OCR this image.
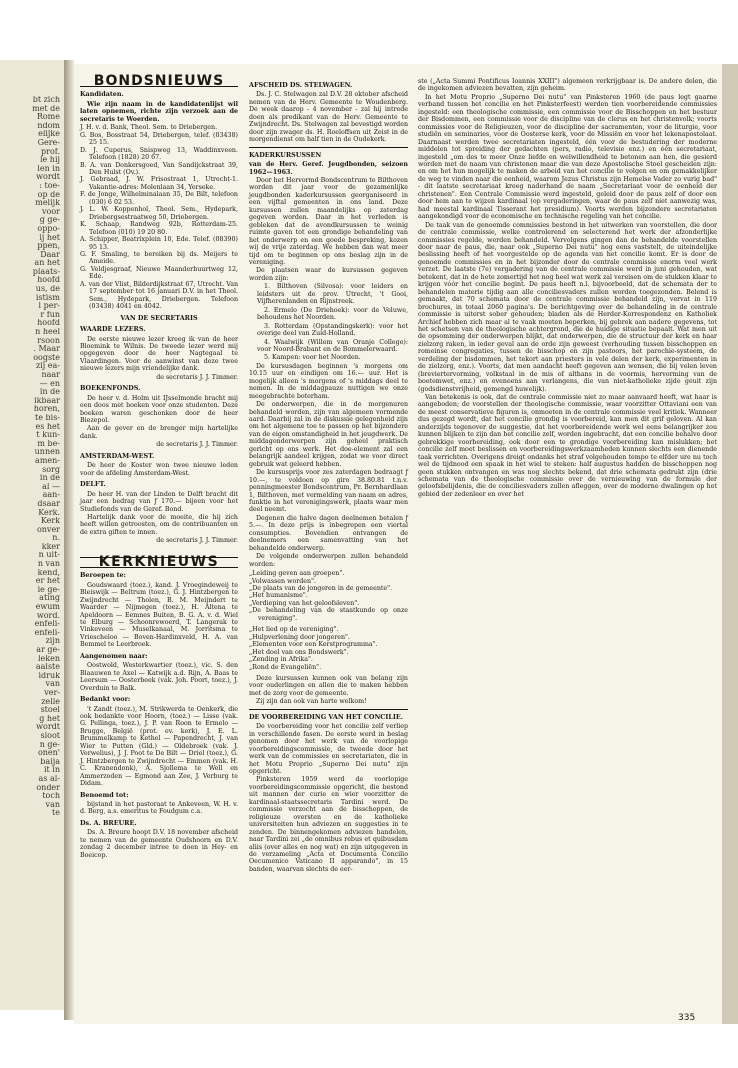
bt zich
met de
Rome
ndom
elijke
Gere-
prof.
le hij
len in
wordt
: toe-
op de
melijk
voor
g ge-
oppo-
ij het
ppen,
Daar
an het
plaats-
hoofd
us, de
istism
l per-
r fun
hoofd
n heel
rsoon
. Maar
oogste
zij ea-
naar
— en
in de
ikbaar
horen,
te bis-
es het
t kun-
m be-
unnen
amen-
sorg
in de
al —
aan-
dsaar
Kerk.
Kerk
onver
n.
kker
n uit-
n van
kend,
er het
ie ge-
ating
ewum
word.
enfeli-
enfeli-
zijn
ar ge-
leken
aalste
idruk
van
ver-
zelle
stoel
g het
wordt
sloot
n ge-
onen'
baija
it in
as al-
onder
toch
van
te
BONDSNIEUWS
Kandidaten.

Wie zijn naam in de kandidatenlijst wil laten opnemen, richte zijn verzoek aan de secretaris te Woerden.

J. H. v. d. Bank, Theol. Sem. te Driebergen.

G. Bos, Bosstraat 54, Driebergen, telef. (03438) 25 15.

D. J. Cuperus, Snispweg 13, Waddinxveen. Telefoon (1828) 20 67.

B. A. van Donkersgoed, Van Sandijckstraat 39, Den Hulst (Ov.).

J. Gebraad, J. W. Frisostraat 1, Utrecht-1. Vakantie-adres: Molenlaan 34, Yerseke.

F. de Jonge, Wilhelminalaan 35, De Bilt, telefoon (030) 6 02 53.

J. L. W. Koppenhol, Theol. Sem., Hydepark, Driebergsestraatweg 50, Driebergen.

K. Schaap, Randweg 92b, Rotterdam-25. Telefoon (010) 19 20 80.

A. Schipper, Beatrixplein 10, Ede. Telef. (08390) 95 13.

G. F. Smaling, te bereiken bij ds. Meijers te Ameide.

G. Veldjesgraaf, Nieuwe Maanderbuurtweg 12, Ede.

A. van der Vlist, Bilderdijkstraat 67, Utrecht. Van 17 september tot 16 januari D.V. in het Theol. Sem., Hydepark, Driebergen. Telefoon (03438) 4041 en 4042.

VAN DE SECRETARIS
WAARDE LEZERS.

De eerste nieuwe lezer kreeg ik van de heer Bloemink te Wilnis. De tweede lezer werd mij opgegeven door de heer Nagtegaal te Vlaardingen. Voor de aanwinst van deze twee nieuwe lezers mijn vriendelijke dank.

de secretaris J. J. Timmer.

BOEKENFONDS.

De heer v. d. Holm uit IJsselmonde bracht mij een doos met boeken voor onze studenten. Deze boeken waren geschonken door de heer Biezepol.

Aan de gever en de brenger mijn hartelijke dank.

de secretaris J. J. Timmer.

AMSTERDAM-WEST.

De heer de Koster won twee nieuwe leden voor de afdeling Amsterdam-West.

DELFT.

De heer H. van der Linden te Delft bracht dit jaar een bedrag van ƒ 170.— bijeen voor het Studiefonds van de Geref. Bond.

Hartelijk dank voor de moeite, die hij zich heeft willen getroosten, om de contribuanten en de extra giften te innen.

de secretaris J. J. Timmer.

KERKNIEUWS
Beroepen te:

Goudswaard (toez.), kand. J. Vroegindeweij te Bleiswijk — Beltrum (toez.), G. J. Hintzbergen te Zwijndrecht — Tholen, B. M. Meijndert te Waarder — Nijmegen (toez.), H. Altena te Apeldoorn — Eemnes Buiten, B. G. A. v. d. Wiel te Elburg — Schoonrewoerd, T. Langerak te Vinkeveen — Muselkanaal, M. Jorritsma te Vriescheloo — Boven-Hardinxveld, H. A. van Bemmel te Leerbroek.

Aangenomen naar:

Oostwold, Westerkwartier (toez.), vic. S. den Blaauwen te Axel — Katwijk a.d. Rijn, A. Baas te Leersum — Oosterbeek (vak. Joh. Poort, toez.), J. Overduin te Balk.

Bedankt voor:

't Zandt (toez.), M. Strikwerda te Oenkerk, die ook bedankte voor Hoorn, (toez.) — Lisse (vak. G. Pellinga, toez.), J. P. van Roon te Ermelo — Brugge, België (prot. ev. kerk), J. E. L. Brummelkamp te Kethel — Papendrecht, J. van Wier te Putten (Gld.) — Oldebroek (vak. J. Verwelius), J. J. Poot te De Bilt — Driel (toez.), G. J. Hintzbergen te Zwijndrecht — Emmen (vak. H. C. Kranendonk), A. Sjollema te Well en Ammerzoden — Egmond aan Zee, J. Verburg te Didam.

Benoemd tot:

bijstand in het pastoraat te Ankeveen, W. H. v. d. Berg, a.s. emeritus te Foudgum c.a.

Ds. A. BREURE.

Ds. A. Breure hoopt D.V. 18 november afscheid te nemen van de gemeente Oudshoorn en D.V. zondag 2 december intree te doen in Hey- en Boeicop.

AFSCHEID DS. STELWAGEN.

Ds. J. C. Stelwagen zal D.V. 28 oktober afscheid nemen van de Herv. Gemeente te Woudenberg. De week daarop - 4 november - zal hij intrede doen als predikant van de Herv. Gemeente te Zwijndrecht. Ds. Stelwagen zal bevestigd worden door zijn zwager ds. H. Roeloffsen uit Zeist in de morgendienst om half tien in de Oudekerk.

KADERKURSUSSEN

van de Herv. Geref. Jeugdbonden, seizoen 1962—1963.

Door het Hervormd Bondscentrum te Bilthoven worden dit jaar voor de gezamenlijke jeugdbonden kaderkursussen georganiseerd in een vijftal gemeenten in ons land. Deze kursussen zullen maandelijks op zaterdag gegeven worden. Daar in het verleden is gebleken dat de avondkursussen te weinig ruimte gaven tot een grondige behandeling van het onderwerp en een goede bespreking, kozen wij de vrije zaterdag. We hebben dan wat meer tijd om te beginnen op ons beslag zijn in de vereniging.

De plaatsen waar de kursussen gegeven worden zijn:

1. Bilthoven (Silvosa): voor leiders en leidsters uit de prov. Utrecht, 't Gooi, Vijfherenlanden en Rijnstreek.

2. Ermelo (De Driehoek): voor de Veluwe, behoudens het Noorden.

3. Rotterdam (Opstandingskerk): voor het overige deel van Zuid-Holland.

4. Waalwijk (Willem van Oranje College): voor Noord-Brabant en de Bommelerwaard.

5. Kampen: voor het Noorden.

De kursusdagen beginnen 's morgens om 10.15 uur en eindigen om 16.— uur. Het is mogelijk alleen 's morgens of 's middags deel te nemen. In de middagpauze nuttigen we onze meegebrachte boterham.

De onderwerpen, die in de morgenuren behandeld worden, zijn van algemeen vormende aard. Daarbij zal in de diskussie gelegenheid zijn om het algemene toe te passen op het bijzondere van de eigen omstandigheid in het jeugdwerk. De middagonderwerpen zijn geheel praktisch gericht op ons werk. Het doe-element zal een belangrijk aandeel krijgen, zodat we voor direct gebruik wat geleerd hebben.

De kursusprijs voor zes zaterdagen bedraagt ƒ 10.—, te voldoen op giro 38.80.81 t.n.v. penningmeester Bondscentrum, Pr. Bernhardlaan 1, Bilthoven, met vermelding van naam en adres, funktie in het verenigingswerk, plaats waar men deel neemt.

Degenen die halve dagen deelnemen betalen ƒ 5.—. In deze prijs is inbegrepen een viertal consumpties. Bovendien ontvangen de deelnemers een samenvatting van het behandelde onderwerp.

De volgende onderwerpen zullen behandeld worden:

„Leiding geven aan groepen".

„Volwassen worden".

„De plaats van de jongeren in de gemeente".

„Het humanisme".

„Verdieping van het geloofsleven".

„De behandeling van de staatkunde op onze vereniging".

„Het lied op de vereniging".

„Hulpverlening door jongeren".

„Elementen voor een Kerstprogramma".

„Het doel van ons Bondswerk".

„Zending in Afrika".

„Rond de Evangeliën".

Deze kursussen kunnen ook van belang zijn voor ouderlingen en allen die te maken hebben met de zorg voor de gemeente.

Zij zijn dan ook van harte welkom!

DE VOORBEREIDING VAN HET CONCILIE.

De voorbereiding voor het concilie zelf verliep in verschillende fasen. De eerste werd in beslag genomen door het werk van de voorlopige voorbereidingscommissie, de tweede door het werk van de commissies en secretariaten, die in het Motu Proprio „Superno Dei nutu" zijn opgericht.

Pinksteren 1959 werd de voorlopige voorbereidingscommissie opgericht, die bestond uit mannen der curie en wier voorzitter de kardinaal-staatssecretaris Tardini werd. De commissie verzocht aan de bisschoppen, de religieuze oversten en de katholieke universiteiten hun adviezen en suggesties in te zenden. De binnengekomen adviezen handelen, naar Tardini zei „de omnibus rebus et quibusdam aliis (over alles en nog wat) en zijn uitgegeven in de verzameling „Acta et Documenta Concilio Oecumenico Vaticano II apparando", in 15 banden, waarvan slechts de eer-

ste („Acta Summi Pontificus Ioannis XXIII") algemeen verkrijgbaar is. De andere delen, die de ingekomen adviezen bevatten, zijn geheim.

In het Motu Proprio „Superno Dei nutu" van Pinksteren 1960 (de paus legt gaarne verband tussen het concilie en het Pinksterfeest) werden tien voorbereidende commissies ingesteld: een theologische commissie, een commissie voor de Bisschoppen en het bestuur der Bisdommen, een commissie voor de discipline van de clerus en het christenvolk; voorts commissies voor de Religieuzen, voor de discipline der sacramenten, voor de liturgie, voor studiën en seminaries, voor de Oosterse kerk, voor de Missiën en voor het lekenapostolaat. Daarnaast werden twee secretariaten ingesteld, één voor de bestudering der moderne middelen tot spreiding der gedachten (pers, radio, televisie enz.) en één secretariaat, ingesteld „om des te meer Onze liefde en welwillendheid te betonen aan hen, die gesierd worden met de naam van christenen maar die van deze Apostolische Stoel gescheiden zijn: en om het hun mogelijk te maken de arbeid van het concilie te volgen en om gemakkelijker de weg te vinden naar die eenheid, waarom Jezus Christus zijn Hemelse Vader zo vurig bad" - dit laatste secretariaat kreeg naderhand de naam „Secretariaat voor de eenheid der christenen". Een Centrale Commissie werd ingesteld, geleid door de paus zelf of door een door hem aan te wijzen kardinaal (op vergaderingen, waar de paus zelf niet aanwezig was, had meestal kardinaal Tisserant het presidium). Voorts werden bijzondere secretariaten aangekondigd voor de economische en technische regeling van het concilie.

De taak van de genoemde commissies bestond in het uitwerken van voorstellen, die door de centrale commissie, welke controlerend en selecterend het werk der afzonderlijke commissies regelde, werden behandeld. Vervolgens gingen dan de behandelde voorstellen door naar de paus, die, naar ook „Superno Dei nutu" nog eens vaststelt, de uiteindelijke beslissing heeft of het voorgestelde op de agenda van het concilie komt. Er is door de genoemde commissies en in het bijzonder door de centrale commissie enorm veel werk verzet. De laatste (7e) vergadering van de centrale commissie werd in juni gehouden, wat betekent, dat in de hete zomertijd het nog heel wat werk zal vereisen om de stukken klaar te krijgen vóór het concilie begint. De paus heeft n.l. bijvoorbeeld, dat de schemata der te behandelen materie tijdig aan alle conciliesvaders zullen worden toegezonden. Belend is gemaakt, dat 70 schemata door de centrale commissie behandeld zijn, vervat in 119 brochures, in totaal 2060 pagina's. De berichtgeving over de behandeling in de centrale commissie is uiterst sober gehouden; bladen als de Herder-Korrespondenz en Katholiek Archief hebben zich maar al te vaak moeten beperken, bij gebrek aan nadere gegevens, tot het schetsen van de theologische achtergrond, die de huidige situatie bepaalt. Wat men uit de opsomming der onderwerpen blijkt, dat onderwerpen, die de structuur der kerk en haar zielzorg raken, in ieder geval aan de orde zijn geweest (verhouding tussen bisschoppen en romeinse congregaties, tussen de bisschop en zijn pastoors, het parochie-systeem, de verdeling der bisdommen, het tekort aan priesters in vele delen der kerk, experimenten in de zielzorg, enz.). Voorts, dat men aandacht heeft gegeven aan wensen, die bij velen leven (breviertervorming, volkstaal in de mis of althans in de voormis, hervorming van de boetemwet, enz.) en eveneens aan verlangens, die van niet-katholieke zijde geuit zijn (godsdienstvrijheid, gemengd huwelijk).

Van betekenis is ook, dat de centrale commissie niet zo maar aanvaard heeft, wat haar is aangeboden; de voorstellen der theologische commissie, waar voorzitter Ottaviani een van de meest conservatieve figuren is, onmoeten in de centrale commissie veel kritiek. Wanneer dus gezegd wordt, dat het concilie grondig is voorbereid, kan men dit grif geloven. Al kan anderzijds tegenover de suggestie, dat het voorbereidende werk wel eens belangrijker zou kunnen blijken te zijn dan het concilie zelf, worden ingebracht, dat een concilie behalve door gebrekkige voorbereiding, ook door een te grondige voorbereiding kan mislukken; het concilie zelf moet beslissen en voorbereidingswerkzaamheden kunnen slechts een dienende taak verrichten. Overigens dreigt ondanks het straf volgehouden tempo te elfder ure nu toch wel de tijdnood een spaak in het wiel te steken: half augustus hadden de bisschoppen nog geen stukken ontvangen en was nog slechts bekend, dat drie schemata gedrukt zijn (drie schemata van de theologische commissie over de vernieuwing van de formule der geloofsbelijdenis, die de conciliesvaders zullen afleggen, over de moderne dwalingen op het gebied der zedenleer en over het

335
